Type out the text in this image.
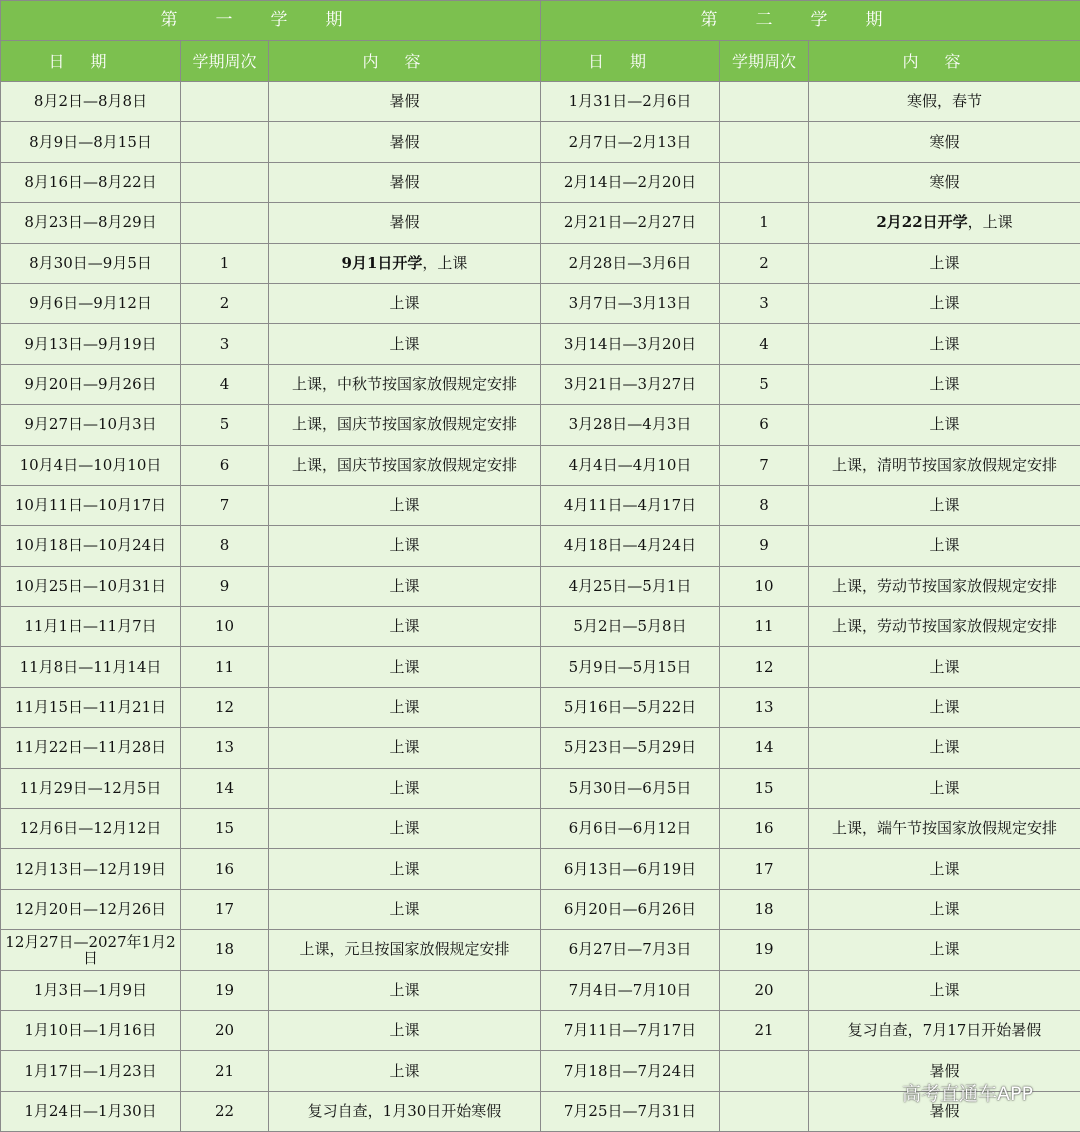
第一学期			第二学期		
日期	学期周次	内容	日期	学期周次	内容
8月2日—8月8日		暑假	1月31日—2月6日		寒假，春节
8月9日—8月15日		暑假	2月7日—2月13日		寒假
8月16日—8月22日		暑假	2月14日—2月20日		寒假
8月23日—8月29日		暑假	2月21日—2月27日	1	2月22日开学，上课
8月30日—9月5日	1	9月1日开学，上课	2月28日—3月6日	2	上课
9月6日—9月12日	2	上课	3月7日—3月13日	3	上课
9月13日—9月19日	3	上课	3月14日—3月20日	4	上课
9月20日—9月26日	4	上课，中秋节按国家放假规定安排	3月21日—3月27日	5	上课
9月27日—10月3日	5	上课，国庆节按国家放假规定安排	3月28日—4月3日	6	上课
10月4日—10月10日	6	上课，国庆节按国家放假规定安排	4月4日—4月10日	7	上课，清明节按国家放假规定安排
10月11日—10月17日	7	上课	4月11日—4月17日	8	上课
10月18日—10月24日	8	上课	4月18日—4月24日	9	上课
10月25日—10月31日	9	上课	4月25日—5月1日	10	上课，劳动节按国家放假规定安排
11月1日—11月7日	10	上课	5月2日—5月8日	11	上课，劳动节按国家放假规定安排
11月8日—11月14日	11	上课	5月9日—5月15日	12	上课
11月15日—11月21日	12	上课	5月16日—5月22日	13	上课
11月22日—11月28日	13	上课	5月23日—5月29日	14	上课
11月29日—12月5日	14	上课	5月30日—6月5日	15	上课
12月6日—12月12日	15	上课	6月6日—6月12日	16	上课，端午节按国家放假规定安排
12月13日—12月19日	16	上课	6月13日—6月19日	17	上课
12月20日—12月26日	17	上课	6月20日—6月26日	18	上课
12月27日—2027年1月2日	18	上课，元旦按国家放假规定安排	6月27日—7月3日	19	上课
1月3日—1月9日	19	上课	7月4日—7月10日	20	上课
1月10日—1月16日	20	上课	7月11日—7月17日	21	复习自查，7月17日开始暑假
1月17日—1月23日	21	上课	7月18日—7月24日		暑假
1月24日—1月30日	22	复习自查，1月30日开始寒假	7月25日—7月31日		暑假
高考直通车APP
